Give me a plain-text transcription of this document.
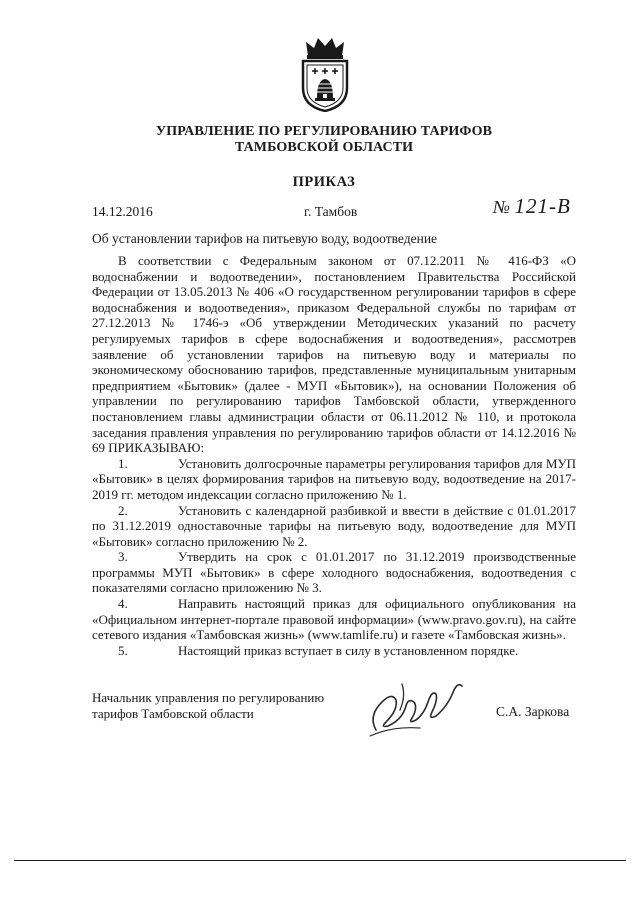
✚ ✚ ✚
УПРАВЛЕНИЕ ПО РЕГУЛИРОВАНИЮ ТАРИФОВ
ТАМБОВСКОЙ ОБЛАСТИ
ПРИКАЗ
14.12.2016	г. Тамбов	№ 121-В
Об установлении тарифов на питьевую воду, водоотведение

В соответствии с Федеральным законом от 07.12.2011 № 416-ФЗ «О водоснабжении и водоотведении», постановлением Правительства Российской Федерации от 13.05.2013 № 406 «О государственном регулировании тарифов в сфере водоснабжения и водоотведения», приказом Федеральной службы по тарифам от 27.12.2013 № 1746-э «Об утверждении Методических указаний по расчету регулируемых тарифов в сфере водоснабжения и водоотведения», рассмотрев заявление об установлении тарифов на питьевую воду и материалы по экономическому обоснованию тарифов, представленные муниципальным унитарным предприятием «Бытовик» (далее - МУП «Бытовик»), на основании Положения об управлении по регулированию тарифов Тамбовской области, утвержденного постановлением главы администрации области от 06.11.2012 № 110, и протокола заседания правления управления по регулированию тарифов области от 14.12.2016 № 69 ПРИКАЗЫВАЮ:

1.	Установить долгосрочные параметры регулирования тарифов для МУП «Бытовик» в целях формирования тарифов на питьевую воду, водоотведение на 2017-2019 гг. методом индексации согласно приложению № 1.

2.	Установить с календарной разбивкой и ввести в действие с 01.01.2017 по 31.12.2019 одноставочные тарифы на питьевую воду, водоотведение для МУП «Бытовик» согласно приложению № 2.

3.	Утвердить на срок с 01.01.2017 по 31.12.2019 производственные программы МУП «Бытовик» в сфере холодного водоснабжения, водоотведения с показателями согласно приложению № 3.

4.	Направить настоящий приказ для официального опубликования на «Официальном интернет-портале правовой информации» (www.pravo.gov.ru), на сайте сетевого издания «Тамбовская жизнь» (www.tamlife.ru) и газете «Тамбовская жизнь».

5.	Настоящий приказ вступает в силу в установленном порядке.

Начальник управления по регулированию
тарифов Тамбовской области	С.А. Заркова
